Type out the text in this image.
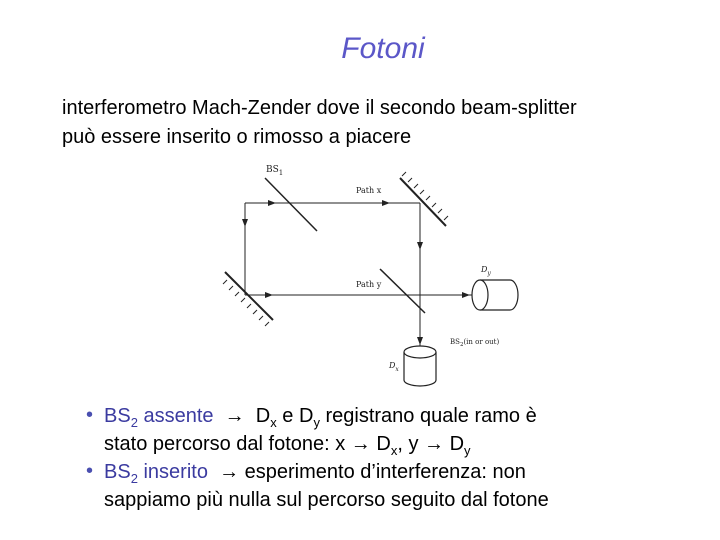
Fotoni
interferometro Mach-Zender dove il secondo beam-splitter
può essere inserito o rimosso a piacere
$BS_1$
Path x
Path y
$D_y$
$D_x$
$BS_2(in$ or out)
• $BS_2$ assente → $D_x$ e $D_y$ registrano quale ramo è
stato percorso dal fotone: $x \to D_x$, $y \to D_y$
• $BS_2$ inserito → esperimento d’interferenza: non
sappiamo più nulla sul percorso seguito dal fotone
